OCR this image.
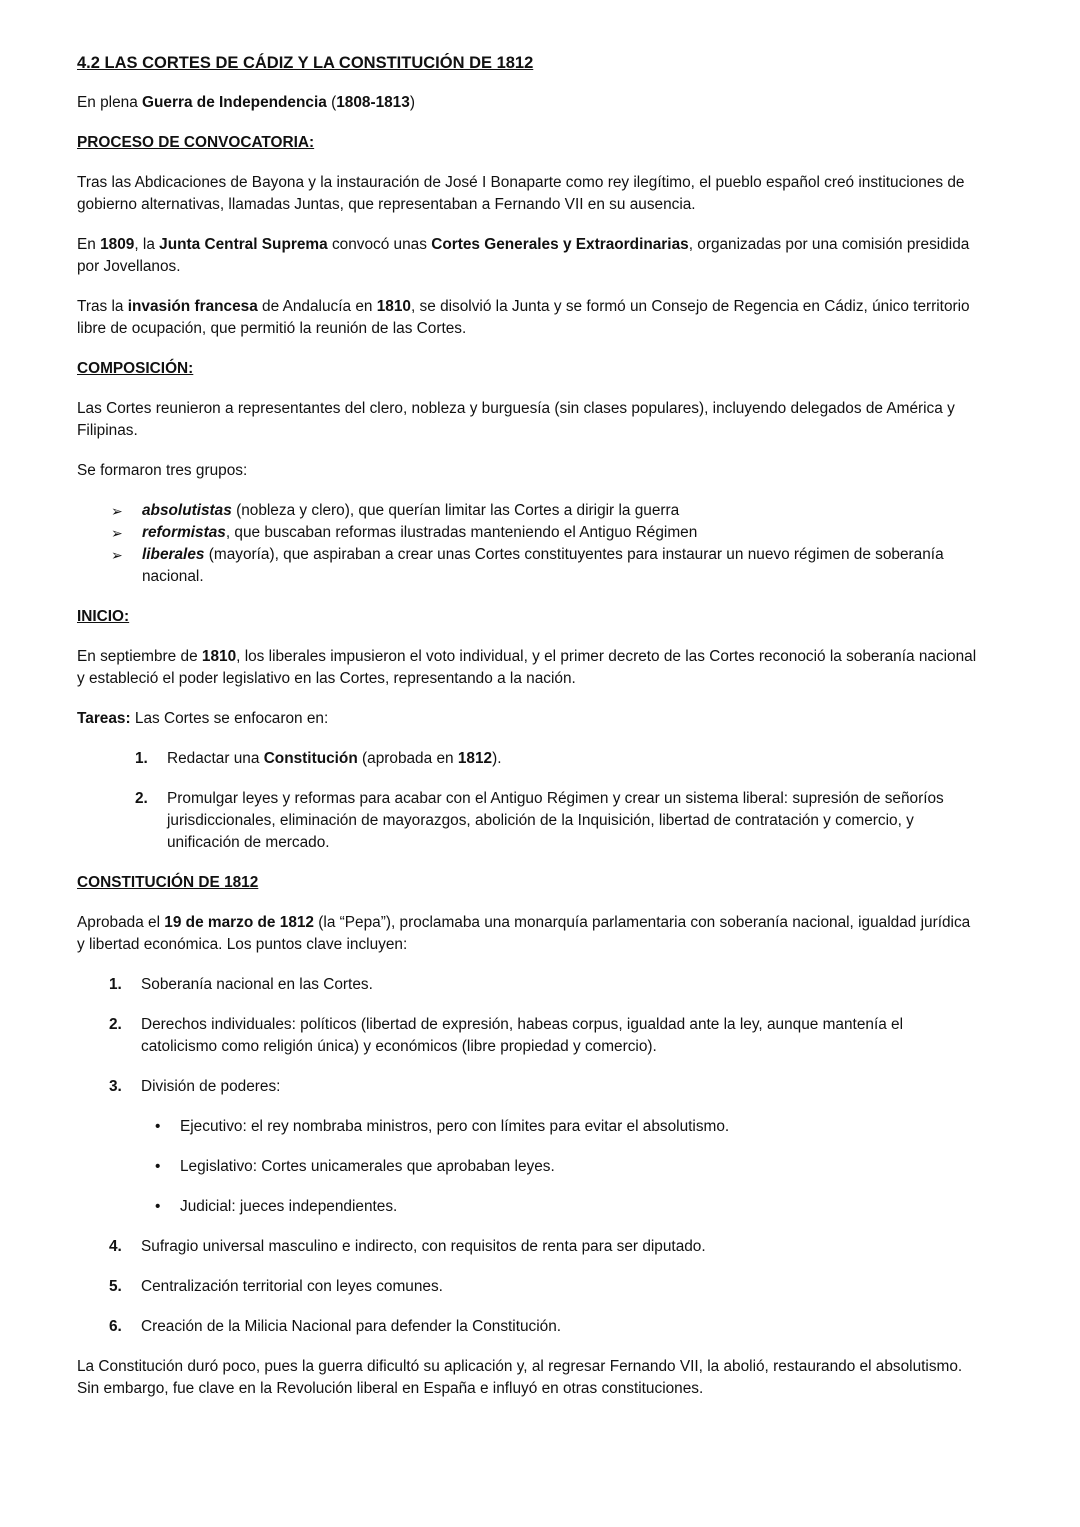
4.2 LAS CORTES DE CÁDIZ Y LA CONSTITUCIÓN DE 1812

En plena Guerra de Independencia (1808-1813)

PROCESO DE CONVOCATORIA:

Tras las Abdicaciones de Bayona y la instauración de José I Bonaparte como rey ilegítimo, el pueblo español creó instituciones de gobierno alternativas, llamadas Juntas, que representaban a Fernando VII en su ausencia.

En 1809, la Junta Central Suprema convocó unas Cortes Generales y Extraordinarias, organizadas por una comisión presidida por Jovellanos.

Tras la invasión francesa de Andalucía en 1810, se disolvió la Junta y se formó un Consejo de Regencia en Cádiz, único territorio libre de ocupación, que permitió la reunión de las Cortes.

COMPOSICIÓN:

Las Cortes reunieron a representantes del clero, nobleza y burguesía (sin clases populares), incluyendo delegados de América y Filipinas.

Se formaron tres grupos:

➢ absolutistas (nobleza y clero), que querían limitar las Cortes a dirigir la guerra
➢ reformistas, que buscaban reformas ilustradas manteniendo el Antiguo Régimen
➢ liberales (mayoría), que aspiraban a crear unas Cortes constituyentes para instaurar un nuevo régimen de soberanía nacional.
INICIO:

En septiembre de 1810, los liberales impusieron el voto individual, y el primer decreto de las Cortes reconoció la soberanía nacional y estableció el poder legislativo en las Cortes, representando a la nación.

Tareas: Las Cortes se enfocaron en:

1. Redactar una Constitución (aprobada en 1812).
2. Promulgar leyes y reformas para acabar con el Antiguo Régimen y crear un sistema liberal: supresión de señoríos jurisdiccionales, eliminación de mayorazgos, abolición de la Inquisición, libertad de contratación y comercio, y unificación de mercado.
CONSTITUCIÓN DE 1812

Aprobada el 19 de marzo de 1812 (la “Pepa”), proclamaba una monarquía parlamentaria con soberanía nacional, igualdad jurídica y libertad económica. Los puntos clave incluyen:

1. Soberanía nacional en las Cortes.
2. Derechos individuales: políticos (libertad de expresión, habeas corpus, igualdad ante la ley, aunque mantenía el catolicismo como religión única) y económicos (libre propiedad y comercio).
3. División de poderes:
• Ejecutivo: el rey nombraba ministros, pero con límites para evitar el absolutismo.
• Legislativo: Cortes unicamerales que aprobaban leyes.
• Judicial: jueces independientes.
4. Sufragio universal masculino e indirecto, con requisitos de renta para ser diputado.
5. Centralización territorial con leyes comunes.
6. Creación de la Milicia Nacional para defender la Constitución.

La Constitución duró poco, pues la guerra dificultó su aplicación y, al regresar Fernando VII, la abolió, restaurando el absolutismo. Sin embargo, fue clave en la Revolución liberal en España e influyó en otras constituciones.
